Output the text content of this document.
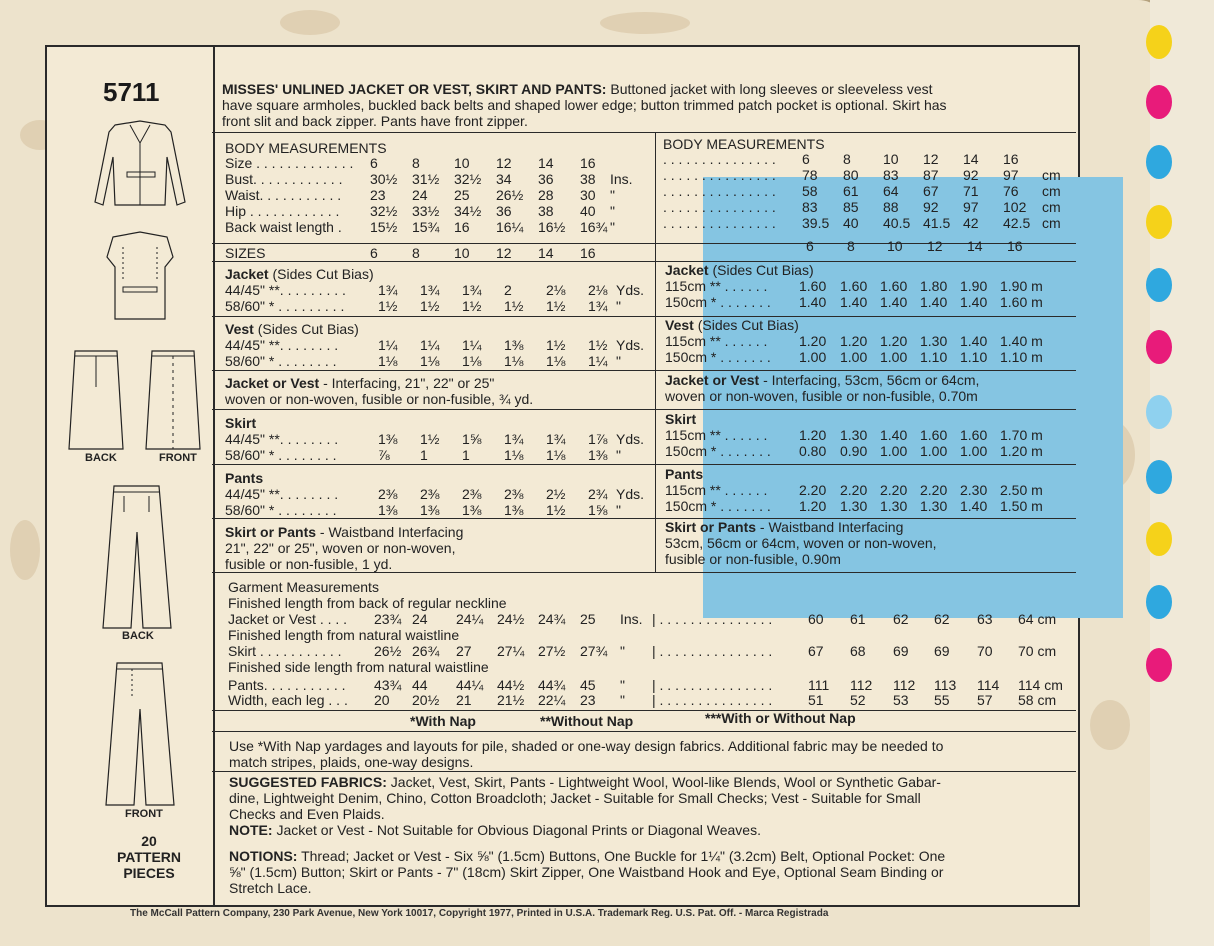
5711
BACK	FRONT
BACK
FRONT
20
PATTERN
PIECES
MISSES' UNLINED JACKET OR VEST, SKIRT AND PANTS: Buttoned jacket with long sleeves or sleeveless vest
have square armholes, buckled back belts and shaped lower edge; button trimmed patch pocket is optional. Skirt has
front slit and back zipper. Pants have front zipper.
BODY MEASUREMENTS
Size . . . . . . . . . . . . . 6 8 10 12 14 16
Bust. . . . . . . . . . . . 30½ 31½ 32½ 34 36 38 Ins.
Waist. . . . . . . . . . . 23 24 25 26½ 28 30 "
Hip . . . . . . . . . . . . 32½ 33½ 34½ 36 38 40 "
Back waist length . 15½ 15¾ 16 16¼ 16½ 16¾ "
BODY MEASUREMENTS
. . . . . . . . . . . . . . . 6 8 10 12 14 16
. . . . . . . . . . . . . . . 78 80 83 87 92 97 cm
. . . . . . . . . . . . . . . 58 61 64 67 71 76 cm
. . . . . . . . . . . . . . . 83 85 88 92 97 102 cm
. . . . . . . . . . . . . . . 39.5 40 40.5 41.5 42 42.5 cm
SIZES	6 8 10 12 14 16	6 8 10 12 14 16
Jacket (Sides Cut Bias)
44/45" **. . . . . . . . . 1¾ 1¾ 1¾ 2 2⅛ 2⅛ Yds.
58/60" * . . . . . . . . . 1½ 1½ 1½ 1½ 1½ 1¾ "
Jacket (Sides Cut Bias)
115cm ** . . . . . . 1.60 1.60 1.60 1.80 1.90 1.90 m
150cm * . . . . . . . 1.40 1.40 1.40 1.40 1.40 1.60 m
Vest (Sides Cut Bias)
44/45" **. . . . . . . .	1¼ 1¼ 1¼ 1⅜ 1½ 1½ Yds.
58/60" * . . . . . . . .	1⅛ 1⅛ 1⅛ 1⅛ 1⅛ 1¼ "
Vest (Sides Cut Bias)
115cm ** . . . . . . 1.20 1.20 1.20 1.30 1.40 1.40 m
150cm * . . . . . . . 1.00 1.00 1.00 1.10 1.10 1.10 m
Skirt
44/45" **. . . . . . . .	1⅜ 1½ 1⅝ 1¾ 1¾ 1⅞ Yds.
58/60" * . . . . . . . .	⅞ 1 1 1⅛ 1⅛ 1⅜ "
Skirt
115cm ** . . . . . . 1.20 1.30 1.40 1.60 1.60 1.70 m
150cm * . . . . . . . 0.80 0.90 1.00 1.00 1.00 1.20 m
Pants
44/45" **. . . . . . . .	2⅜ 2⅜ 2⅜ 2⅜ 2½ 2¾ Yds.
58/60" * . . . . . . . .	1⅜ 1⅜ 1⅜ 1⅜ 1½ 1⅝ "
Pants
115cm ** . . . . . . 2.20 2.20 2.20 2.20 2.30 2.50 m
150cm * . . . . . . . 1.20 1.30 1.30 1.30 1.40 1.50 m
Jacket or Vest - Interfacing, 21", 22" or 25"
woven or non-woven, fusible or non-fusible, ¾ yd.
Jacket or Vest - Interfacing, 53cm, 56cm or 64cm,
woven or non-woven, fusible or non-fusible, 0.70m
Skirt or Pants - Waistband Interfacing
21", 22" or 25", woven or non-woven,
fusible or non-fusible, 1 yd.
Skirt or Pants - Waistband Interfacing
53cm, 56cm or 64cm, woven or non-woven,
fusible or non-fusible, 0.90m
Garment Measurements
Finished length from back of regular neckline
Finished length from natural waistline
Finished side length from natural waistline
Jacket or Vest . . . . 23¾ 24 24¼ 24½ 24¾ 25 Ins. | . . . . . . . . . . . . . . .	60 61 62 62 63 64 cm
Skirt . . . . . . . . . . . 26½ 26¾ 27 27¼ 27½ 27¾ " | . . . . . . . . . . . . . . .	67 68 69 69 70 70 cm
Pants. . . . . . . . . . . 43¾ 44 44¼ 44½ 44¾ 45 " | . . . . . . . . . . . . . . .	111 112 112 113 114 114 cm
Width, each leg . . . 20 20½ 21 21½ 22¼ 23 " | . . . . . . . . . . . . . . .	51 52 53 55 57 58 cm
*With Nap	**Without Nap	***With or Without Nap
Use *With Nap yardages and layouts for pile, shaded or one-way design fabrics. Additional fabric may be needed to
match stripes, plaids, one-way designs.
SUGGESTED FABRICS: Jacket, Vest, Skirt, Pants - Lightweight Wool, Wool-like Blends, Wool or Synthetic Gabar-
dine, Lightweight Denim, Chino, Cotton Broadcloth; Jacket - Suitable for Small Checks; Vest - Suitable for Small
Checks and Even Plaids.
NOTE: Jacket or Vest - Not Suitable for Obvious Diagonal Prints or Diagonal Weaves.
NOTIONS: Thread; Jacket or Vest - Six ⅝" (1.5cm) Buttons, One Buckle for 1¼" (3.2cm) Belt, Optional Pocket: One
⅝" (1.5cm) Button; Skirt or Pants - 7" (18cm) Skirt Zipper, One Waistband Hook and Eye, Optional Seam Binding or
Stretch Lace.
The McCall Pattern Company, 230 Park Avenue, New York 10017, Copyright 1977, Printed in U.S.A. Trademark Reg. U.S. Pat. Off. - Marca Registrada
